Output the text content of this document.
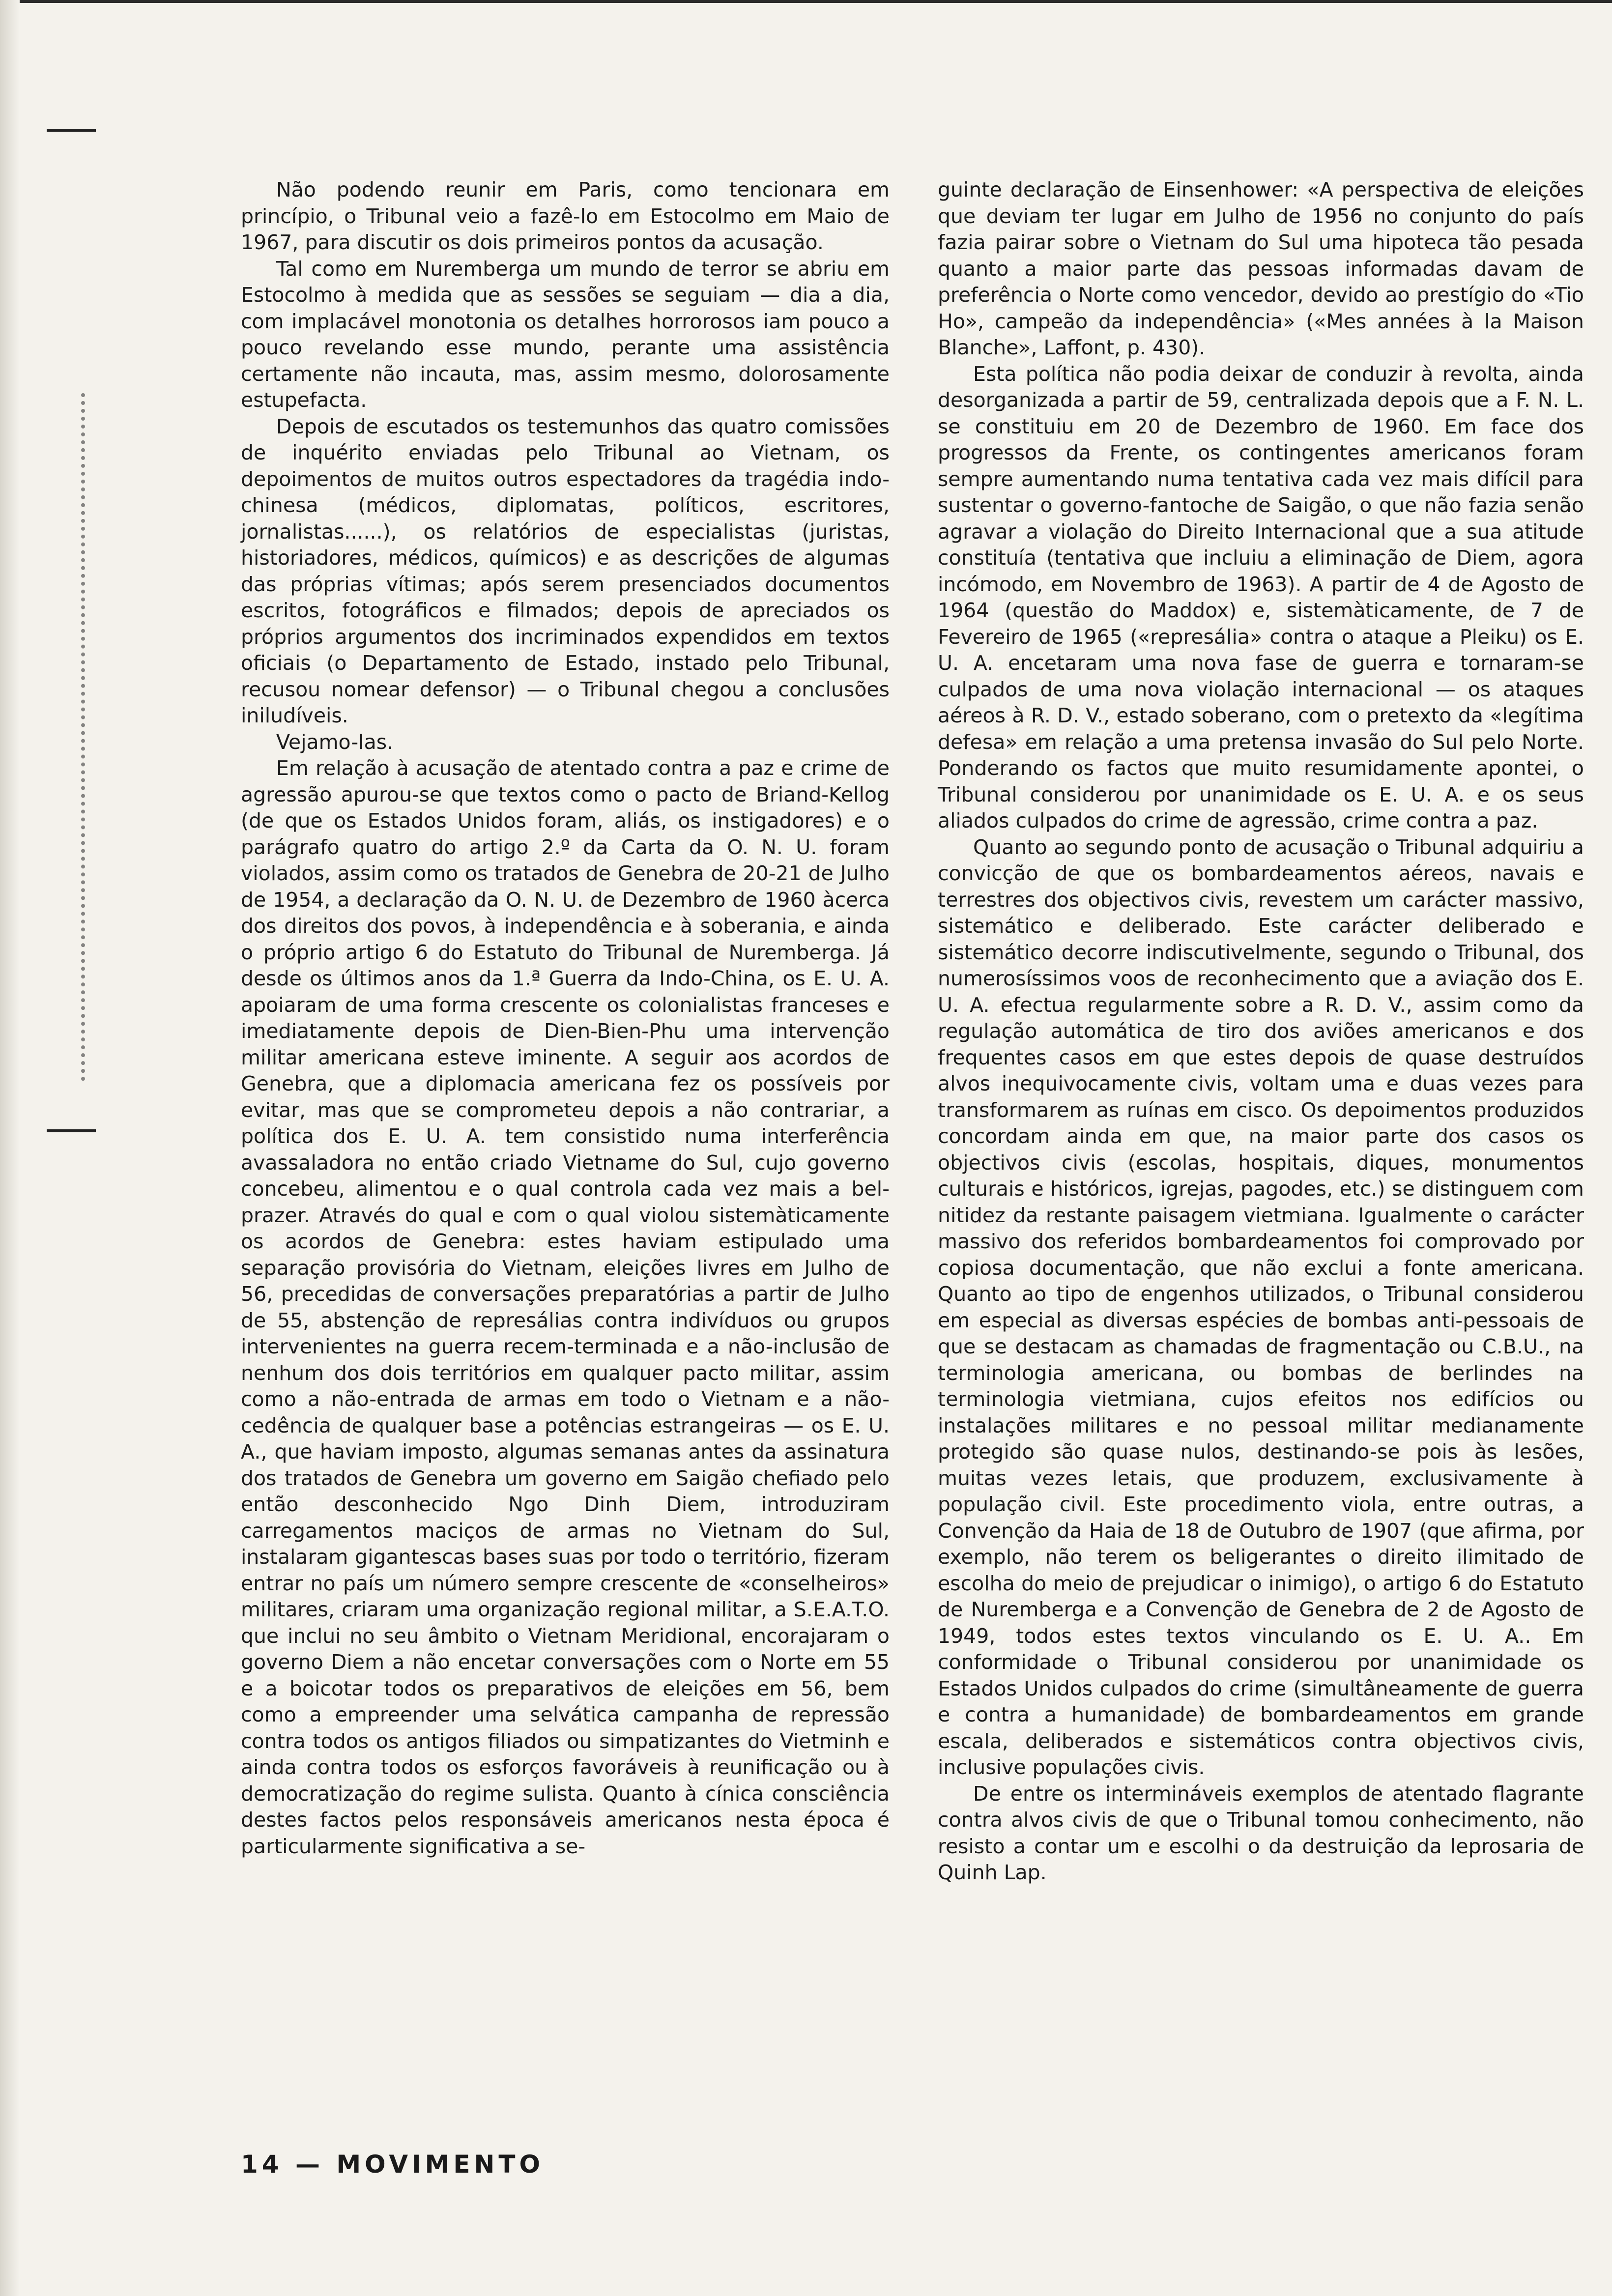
Não podendo reunir em Paris, como tencionara em princípio, o Tribunal veio a fazê-lo em Estocolmo em Maio de 1967, para discutir os dois primeiros pontos da acusação.

Tal como em Nuremberga um mundo de terror se abriu em Estocolmo à medida que as sessões se seguiam — dia a dia, com implacável monotonia os detalhes horrorosos iam pouco a pouco revelando esse mundo, perante uma assistência certamente não incauta, mas, assim mesmo, dolorosamente estupefacta.

Depois de escutados os testemunhos das quatro comissões de inquérito enviadas pelo Tribunal ao Vietnam, os depoimentos de muitos outros espectadores da tragédia indo-chinesa (médicos, diplomatas, políticos, escritores, jornalistas......), os relatórios de especialistas (juristas, historiadores, médicos, químicos) e as descrições de algumas das próprias vítimas; após serem presenciados documentos escritos, fotográficos e filmados; depois de apreciados os próprios argumentos dos incriminados expendidos em textos oficiais (o Departamento de Estado, instado pelo Tribunal, recusou nomear defensor) — o Tribunal chegou a conclusões iniludíveis.

Vejamo-las.

Em relação à acusação de atentado contra a paz e crime de agressão apurou-se que textos como o pacto de Briand-Kellog (de que os Estados Unidos foram, aliás, os instigadores) e o parágrafo quatro do artigo 2.º da Carta da O. N. U. foram violados, assim como os tratados de Genebra de 20-21 de Julho de 1954, a declaração da O. N. U. de Dezembro de 1960 àcerca dos direitos dos povos, à independência e à soberania, e ainda o próprio artigo 6 do Estatuto do Tribunal de Nuremberga. Já desde os últimos anos da 1.ª Guerra da Indo-China, os E. U. A. apoiaram de uma forma crescente os colonialistas franceses e imediatamente depois de Dien-Bien-Phu uma intervenção militar americana esteve iminente. A seguir aos acordos de Genebra, que a diplomacia americana fez os possíveis por evitar, mas que se comprometeu depois a não contrariar, a política dos E. U. A. tem consistido numa interferência avassaladora no então criado Vietname do Sul, cujo governo concebeu, alimentou e o qual controla cada vez mais a bel-prazer. Através do qual e com o qual violou sistemàticamente os acordos de Genebra: estes haviam estipulado uma separação provisória do Vietnam, eleições livres em Julho de 56, precedidas de conversações preparatórias a partir de Julho de 55, abstenção de represálias contra indivíduos ou grupos intervenientes na guerra recem-terminada e a não-inclusão de nenhum dos dois territórios em qualquer pacto militar, assim como a não-entrada de armas em todo o Vietnam e a não-cedência de qualquer base a potências estrangeiras — os E. U. A., que haviam imposto, algumas semanas antes da assinatura dos tratados de Genebra um governo em Saigão chefiado pelo então desconhecido Ngo Dinh Diem, introduziram carregamentos maciços de armas no Vietnam do Sul, instalaram gigantescas bases suas por todo o território, fizeram entrar no país um número sempre crescente de «conselheiros» militares, criaram uma organização regional militar, a S.E.A.T.O. que inclui no seu âmbito o Vietnam Meridional, encorajaram o governo Diem a não encetar conversações com o Norte em 55 e a boicotar todos os preparativos de eleições em 56, bem como a empreender uma selvática campanha de repressão contra todos os antigos filiados ou simpatizantes do Vietminh e ainda contra todos os esforços favoráveis à reunificação ou à democratização do regime sulista. Quanto à cínica consciência destes factos pelos responsáveis americanos nesta época é particularmente significativa a se-

guinte declaração de Einsenhower: «A perspectiva de eleições que deviam ter lugar em Julho de 1956 no conjunto do país fazia pairar sobre o Vietnam do Sul uma hipoteca tão pesada quanto a maior parte das pessoas informadas davam de preferência o Norte como vencedor, devido ao prestígio do «Tio Ho», campeão da independência» («Mes années à la Maison Blanche», Laffont, p. 430).

Esta política não podia deixar de conduzir à revolta, ainda desorganizada a partir de 59, centralizada depois que a F. N. L. se constituiu em 20 de Dezembro de 1960. Em face dos progressos da Frente, os contingentes americanos foram sempre aumentando numa tentativa cada vez mais difícil para sustentar o governo-fantoche de Saigão, o que não fazia senão agravar a violação do Direito Internacional que a sua atitude constituía (tentativa que incluiu a eliminação de Diem, agora incómodo, em Novembro de 1963). A partir de 4 de Agosto de 1964 (questão do Maddox) e, sistemàticamente, de 7 de Fevereiro de 1965 («represália» contra o ataque a Pleiku) os E. U. A. encetaram uma nova fase de guerra e tornaram-se culpados de uma nova violação internacional — os ataques aéreos à R. D. V., estado soberano, com o pretexto da «legítima defesa» em relação a uma pretensa invasão do Sul pelo Norte. Ponderando os factos que muito resumidamente apontei, o Tribunal considerou por unanimidade os E. U. A. e os seus aliados culpados do crime de agressão, crime contra a paz.

Quanto ao segundo ponto de acusação o Tribunal adquiriu a convicção de que os bombardeamentos aéreos, navais e terrestres dos objectivos civis, revestem um carácter massivo, sistemático e deliberado. Este carácter deliberado e sistemático decorre indiscutivelmente, segundo o Tribunal, dos numerosíssimos voos de reconhecimento que a aviação dos E. U. A. efectua regularmente sobre a R. D. V., assim como da regulação automática de tiro dos aviões americanos e dos frequentes casos em que estes depois de quase destruídos alvos inequivocamente civis, voltam uma e duas vezes para transformarem as ruínas em cisco. Os depoimentos produzidos concordam ainda em que, na maior parte dos casos os objectivos civis (escolas, hospitais, diques, monumentos culturais e históricos, igrejas, pagodes, etc.) se distinguem com nitidez da restante paisagem vietmiana. Igualmente o carácter massivo dos referidos bombardeamentos foi comprovado por copiosa documentação, que não exclui a fonte americana. Quanto ao tipo de engenhos utilizados, o Tribunal considerou em especial as diversas espécies de bombas anti-pessoais de que se destacam as chamadas de fragmentação ou C.B.U., na terminologia americana, ou bombas de berlindes na terminologia vietmiana, cujos efeitos nos edifícios ou instalações militares e no pessoal militar medianamente protegido são quase nulos, destinando-se pois às lesões, muitas vezes letais, que produzem, exclusivamente à população civil. Este procedimento viola, entre outras, a Convenção da Haia de 18 de Outubro de 1907 (que afirma, por exemplo, não terem os beligerantes o direito ilimitado de escolha do meio de prejudicar o inimigo), o artigo 6 do Estatuto de Nuremberga e a Convenção de Genebra de 2 de Agosto de 1949, todos estes textos vinculando os E. U. A.. Em conformidade o Tribunal considerou por unanimidade os Estados Unidos culpados do crime (simultâneamente de guerra e contra a humanidade) de bombardeamentos em grande escala, deliberados e sistemáticos contra objectivos civis, inclusive populações civis.

De entre os intermináveis exemplos de atentado flagrante contra alvos civis de que o Tribunal tomou conhecimento, não resisto a contar um e escolhi o da destruição da leprosaria de Quinh Lap.

14 — MOVIMENTO
